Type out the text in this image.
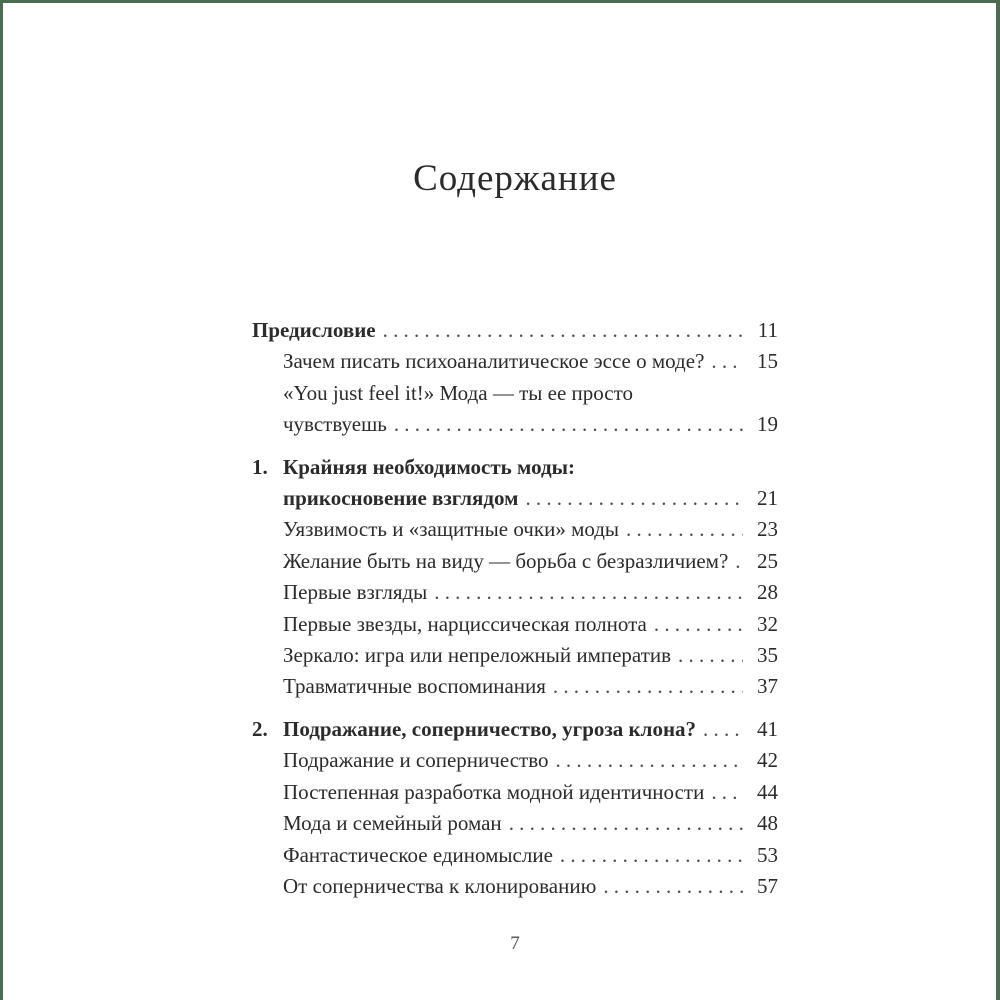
Содержание
Предисловие .....	11
Зачем писать психоаналитическое эссе о моде? .....	15
«You just feel it!» Мода — ты ее просто
чувствуешь .....	19
1. Крайняя необходимость моды:
прикосновение взглядом .....	21
Уязвимость и «защитные очки» моды .....	23
Желание быть на виду — борьба с безразличием? ..... 25
Первые взгляды .....	28
Первые звезды, нарциссическая полнота .....	32
Зеркало: игра или непреложный императив .....	35
Травматичные воспоминания .....	37
2. Подражание, соперничество, угроза клона? .....	41
Подражание и соперничество .....	42
Постепенная разработка модной идентичности .....	44
Мода и семейный роман .....	48
Фантастическое единомыслие .....	53
От соперничества к клонированию .....	57
7
